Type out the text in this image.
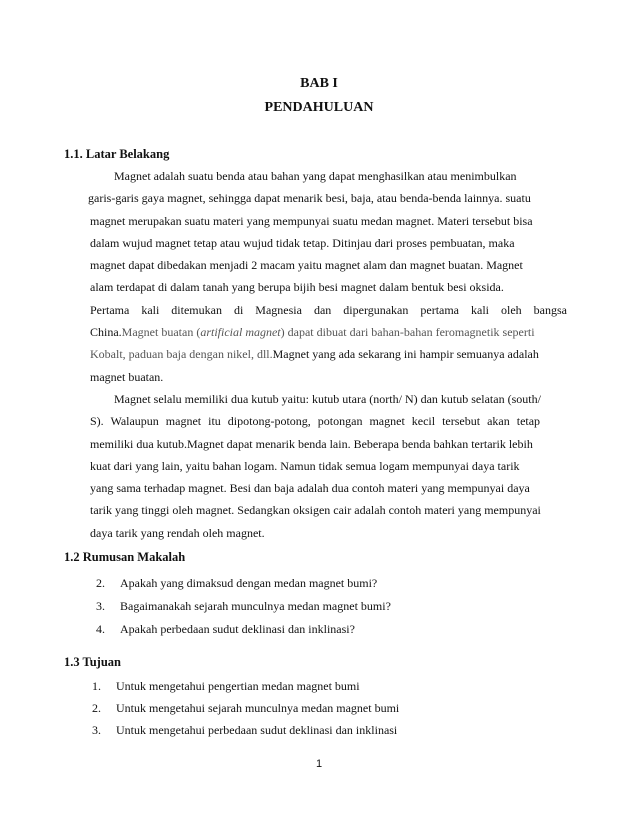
BAB I
PENDAHULUAN
1.1. Latar Belakang
Magnet adalah suatu benda atau bahan yang dapat menghasilkan atau menimbulkan
garis-garis gaya magnet, sehingga dapat menarik besi, baja, atau benda-benda lainnya. suatu
magnet merupakan suatu materi yang mempunyai suatu medan magnet. Materi tersebut bisa
dalam wujud magnet tetap atau wujud tidak tetap. Ditinjau dari proses pembuatan, maka
magnet dapat dibedakan menjadi 2 macam yaitu magnet alam dan magnet buatan. Magnet
alam terdapat di dalam tanah yang berupa bijih besi magnet dalam bentuk besi oksida.
Pertama kali ditemukan di Magnesia dan dipergunakan pertama kali oleh bangsa
China.Magnet buatan (artificial magnet) dapat dibuat dari bahan-bahan feromagnetik seperti
Kobalt, paduan baja dengan nikel, dll.Magnet yang ada sekarang ini hampir semuanya adalah
magnet buatan.
Magnet selalu memiliki dua kutub yaitu: kutub utara (north/ N) dan kutub selatan (south/
S). Walaupun magnet itu dipotong-potong, potongan magnet kecil tersebut akan tetap
memiliki dua kutub.Magnet dapat menarik benda lain. Beberapa benda bahkan tertarik lebih
kuat dari yang lain, yaitu bahan logam. Namun tidak semua logam mempunyai daya tarik
yang sama terhadap magnet. Besi dan baja adalah dua contoh materi yang mempunyai daya
tarik yang tinggi oleh magnet. Sedangkan oksigen cair adalah contoh materi yang mempunyai
daya tarik yang rendah oleh magnet.
1.2 Rumusan Makalah
2. Apakah yang dimaksud dengan medan magnet bumi?
3. Bagaimanakah sejarah munculnya medan magnet bumi?
4. Apakah perbedaan sudut deklinasi dan inklinasi?
1.3 Tujuan
1. Untuk mengetahui pengertian medan magnet bumi
2. Untuk mengetahui sejarah munculnya medan magnet bumi
3. Untuk mengetahui perbedaan sudut deklinasi dan inklinasi
1
